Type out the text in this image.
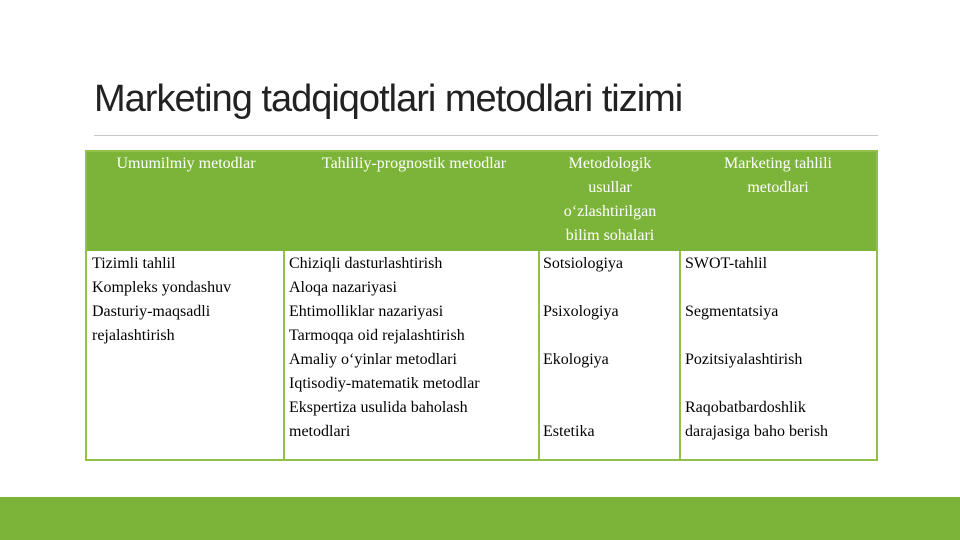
Marketing tadqiqotlari metodlari tizimi
Umumilmiy metodlar	Tahliliy-prognostik metodlar	Metodologik
usullar
o‘zlashtirilgan
bilim sohalari
Marketing tahlili
metodlari
Tizimli tahlil
Kompleks yondashuv
Dasturiy-maqsadli
rejalashtirish
Chiziqli dasturlashtirish
Aloqa nazariyasi
Ehtimolliklar nazariyasi
Tarmoqqa oid rejalashtirish
Amaliy o‘yinlar metodlari
Iqtisodiy-matematik metodlar
Ekspertiza usulida baholash
metodlari
Sotsiologiya
Psixologiya
Ekologiya
Estetika
SWOT-tahlil
Segmentatsiya
Pozitsiyalashtirish
Raqobatbardoshlik
darajasiga baho berish
